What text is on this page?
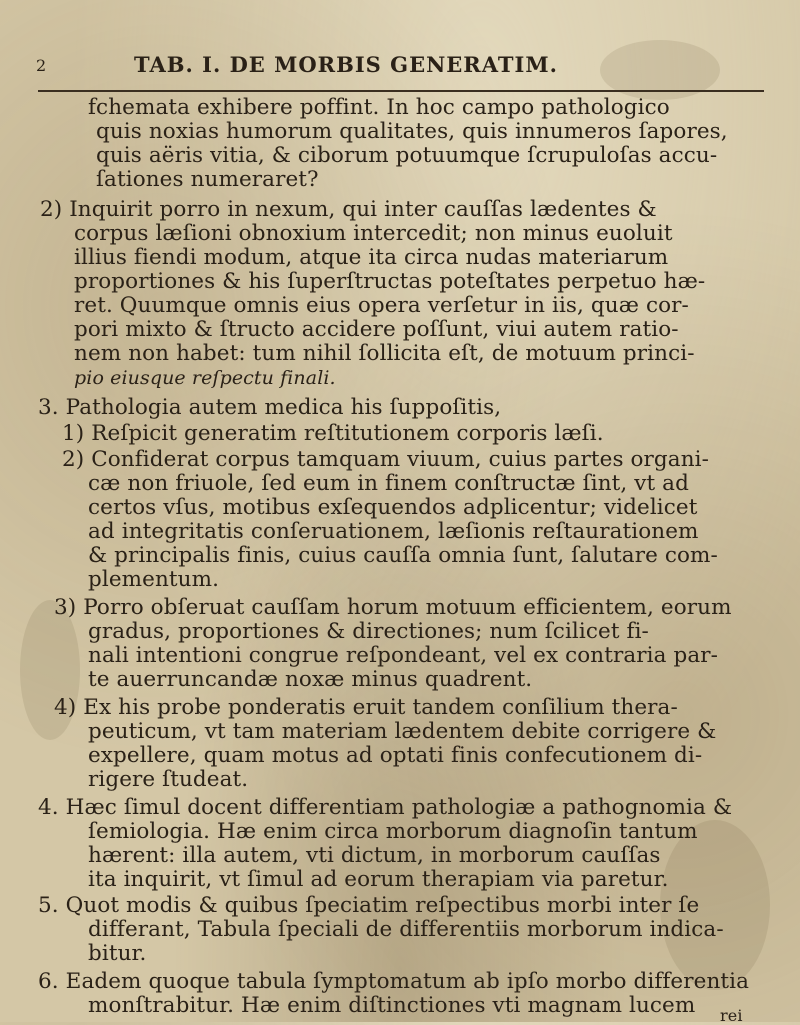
2	TAB. I. DE MORBIS GENERATIM.
fchemata exhibere poffint. In hoc campo pathologico
quis noxias humorum qualitates, quis innumeros ſapores,
quis aëris vitia, & ciborum potuumque ſcrupuloſas accu-
ſationes numeraret?
2) Inquirit porro in nexum, qui inter cauſſas lædentes &
corpus læſioni obnoxium intercedit; non minus euoluit
illius fiendi modum, atque ita circa nudas materiarum
proportiones & his ſuperſtructas poteſtates perpetuo hæ-
ret. Quumque omnis eius opera verſetur in iis, quæ cor-
pori mixto & ſtructo accidere poſſunt, viui autem ratio-
nem non habet: tum nihil ſollicita eſt, de motuum princi-
pio eiusque reſpectu finali.
3. Pathologia autem medica his ſuppoſitis,
1) Reſpicit generatim reſtitutionem corporis læſi.
2) Confiderat corpus tamquam viuum, cuius partes organi-
cæ non friuole, ſed eum in finem conſtructæ ſint, vt ad
certos vſus, motibus exſequendos adplicentur; videlicet
ad integritatis conſeruationem, læſionis reſtaurationem
& principalis finis, cuius cauſſa omnia ſunt, ſalutare com-
plementum.
3) Porro obſeruat cauſſam horum motuum efficientem, eorum
gradus, proportiones & directiones; num ſcilicet fi-
nali intentioni congrue reſpondeant, vel ex contraria par-
te auerruncandæ noxæ minus quadrent.
4) Ex his probe ponderatis eruit tandem conſilium thera-
peuticum, vt tam materiam lædentem debite corrigere &
expellere, quam motus ad optati finis confecutionem di-
rigere ſtudeat.
4. Hæc ſimul docent differentiam pathologiæ a pathognomia &
ſemiologia. Hæ enim circa morborum diagnoſin tantum
hærent: illa autem, vti dictum, in morborum cauſſas
ita inquirit, vt ſimul ad eorum therapiam via paretur.
5. Quot modis & quibus ſpeciatim reſpectibus morbi inter ſe
differant, Tabula ſpeciali de differentiis morborum indica-
bitur.
6. Eadem quoque tabula ſymptomatum ab ipſo morbo differentia
monſtrabitur. Hæ enim diſtinctiones vti magnam lucem rei
